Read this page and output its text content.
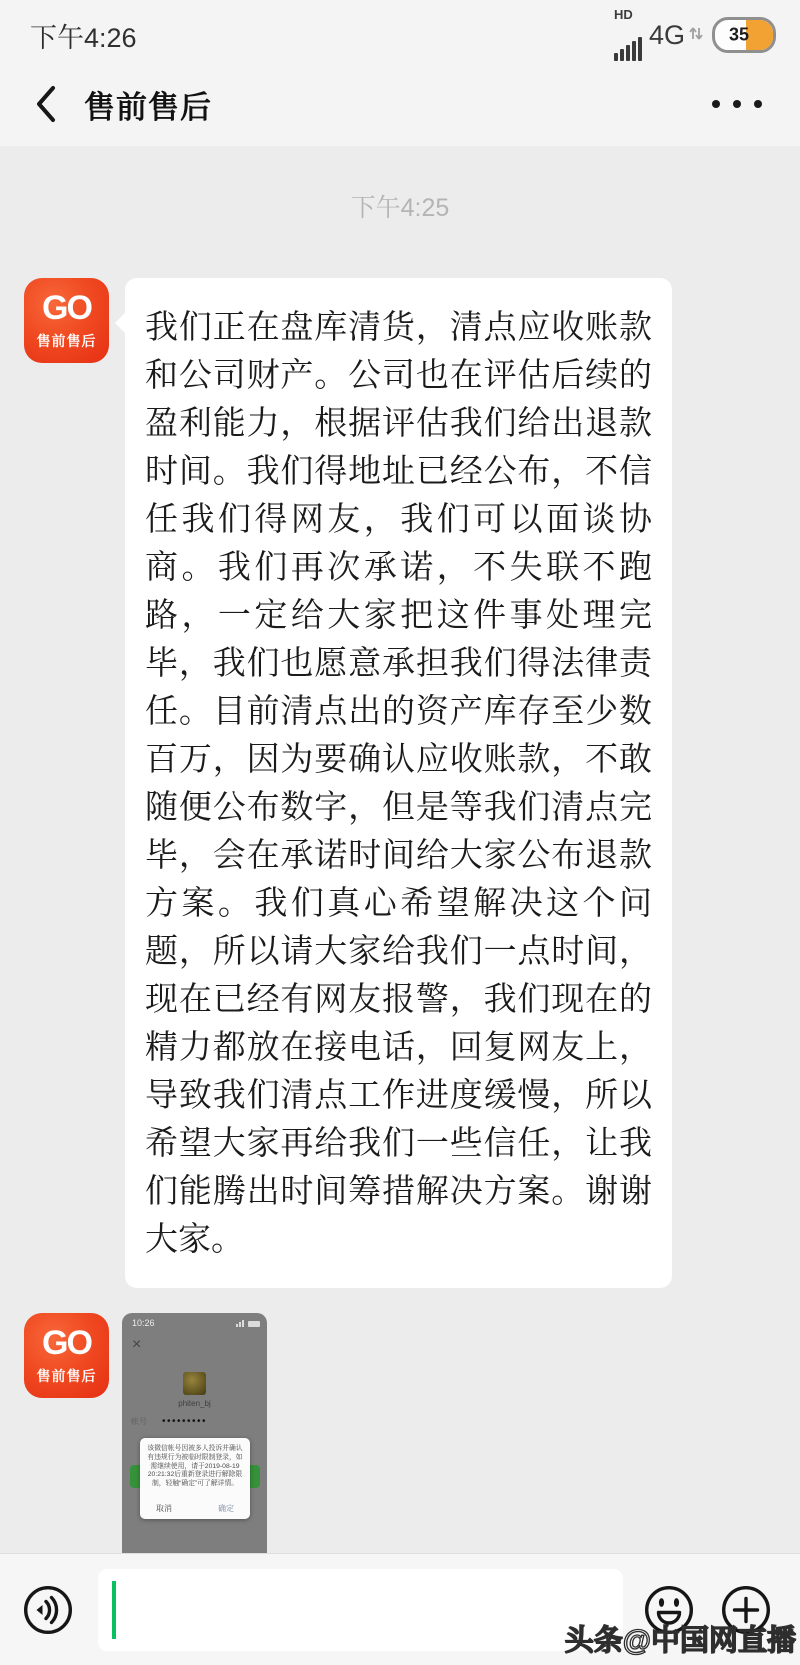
下午4:26
HD
4G	35
售前售后
下午4:25
GO
售前售后	我们正在盘库清货，清点应收账款和公司财产。公司也在评估后续的盈利能力，根据评估我们给出退款时间。我们得地址已经公布，不信任我们得网友，我们可以面谈协商。我们再次承诺，不失联不跑路，一定给大家把这件事处理完毕，我们也愿意承担我们得法律责任。目前清点出的资产库存至少数百万，因为要确认应收账款，不敢随便公布数字，但是等我们清点完毕，会在承诺时间给大家公布退款方案。我们真心希望解决这个问题，所以请大家给我们一点时间，现在已经有网友报警，我们现在的精力都放在接电话，回复网友上，导致我们清点工作进度缓慢，所以希望大家再给我们一些信任，让我们能腾出时间筹措解决方案。谢谢大家。
GO
售前售后
10:26
×
phiten_bj
帐号 •••••••••
该微信帐号因被多人投诉并确认有违规行为被临时限制登录，如需继续使用，请于2019-08-19 20:21:32后重新登录进行解除限制，轻触“确定”可了解详情。
取消	确定
头条@中国网直播
